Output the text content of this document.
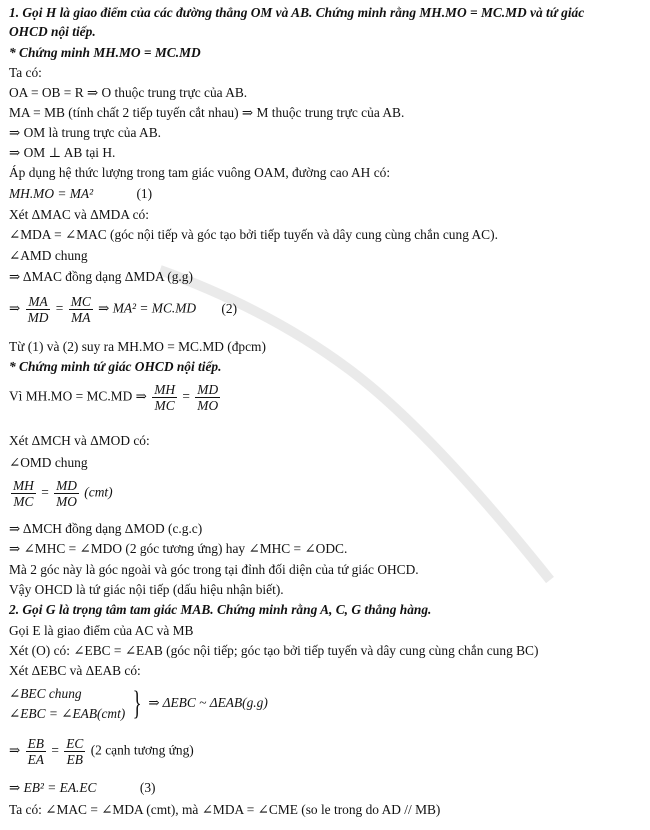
1. Gọi H là giao điểm của các đường thẳng OM và AB. Chứng minh rằng MH.MO = MC.MD và tứ giác
OHCD nội tiếp.
* Chứng minh MH.MO = MC.MD
Ta có:
OA = OB = R ⇒ O thuộc trung trực của AB.
MA = MB (tính chất 2 tiếp tuyến cắt nhau) ⇒ M thuộc trung trực của AB.
⇒ OM là trung trực của AB.
⇒ OM ⊥ AB tại H.
Áp dụng hệ thức lượng trong tam giác vuông OAM, đường cao AH có:
MH.MO = MA²	(1)
Xét ΔMAC và ΔMDA có:
∠MDA = ∠MAC (góc nội tiếp và góc tạo bởi tiếp tuyến và dây cung cùng chắn cung AC).
∠AMD chung
⇒ ΔMAC đồng dạng ΔMDA (g.g)
⇒ $\frac{MA}{MD} = \frac{MC}{MA}$ ⇒ MA² = MC.MD (2)
Từ (1) và (2) suy ra MH.MO = MC.MD (đpcm)
* Chứng minh tứ giác OHCD nội tiếp.
Vì MH.MO = MC.MD ⇒ $\frac{MH}{MC} = \frac{MD}{MO}$
Xét ΔMCH và ΔMOD có:
∠OMD chung
$\frac{MH}{MC} = \frac{MD}{MO} (cmt)$
⇒ ΔMCH đồng dạng ΔMOD (c.g.c)
⇒ ∠MHC = ∠MDO (2 góc tương ứng) hay ∠MHC = ∠ODC.
Mà 2 góc này là góc ngoài và góc trong tại đỉnh đối diện của tứ giác OHCD.
Vậy OHCD là tứ giác nội tiếp (dấu hiệu nhận biết).
2. Gọi G là trọng tâm tam giác MAB. Chứng minh rằng A, C, G thẳng hàng.
Gọi E là giao điểm của AC và MB
Xét (O) có: ∠EBC = ∠EAB (góc nội tiếp; góc tạo bởi tiếp tuyến và dây cung cùng chắn cung BC)
Xét ΔEBC và ΔEAB có:
∠BEC chung
∠EBC = ∠EAB(cmt) } ⇒ ΔEBC ~ ΔEAB(g.g)
⇒ $\frac{EB}{EA} = \frac{EC}{EB} (2$ cạnh tương ứng)
⇒ EB² = EA.EC	(3)
Ta có: ∠MAC = ∠MDA (cmt), mà ∠MDA = ∠CME (so le trong do AD // MB)
